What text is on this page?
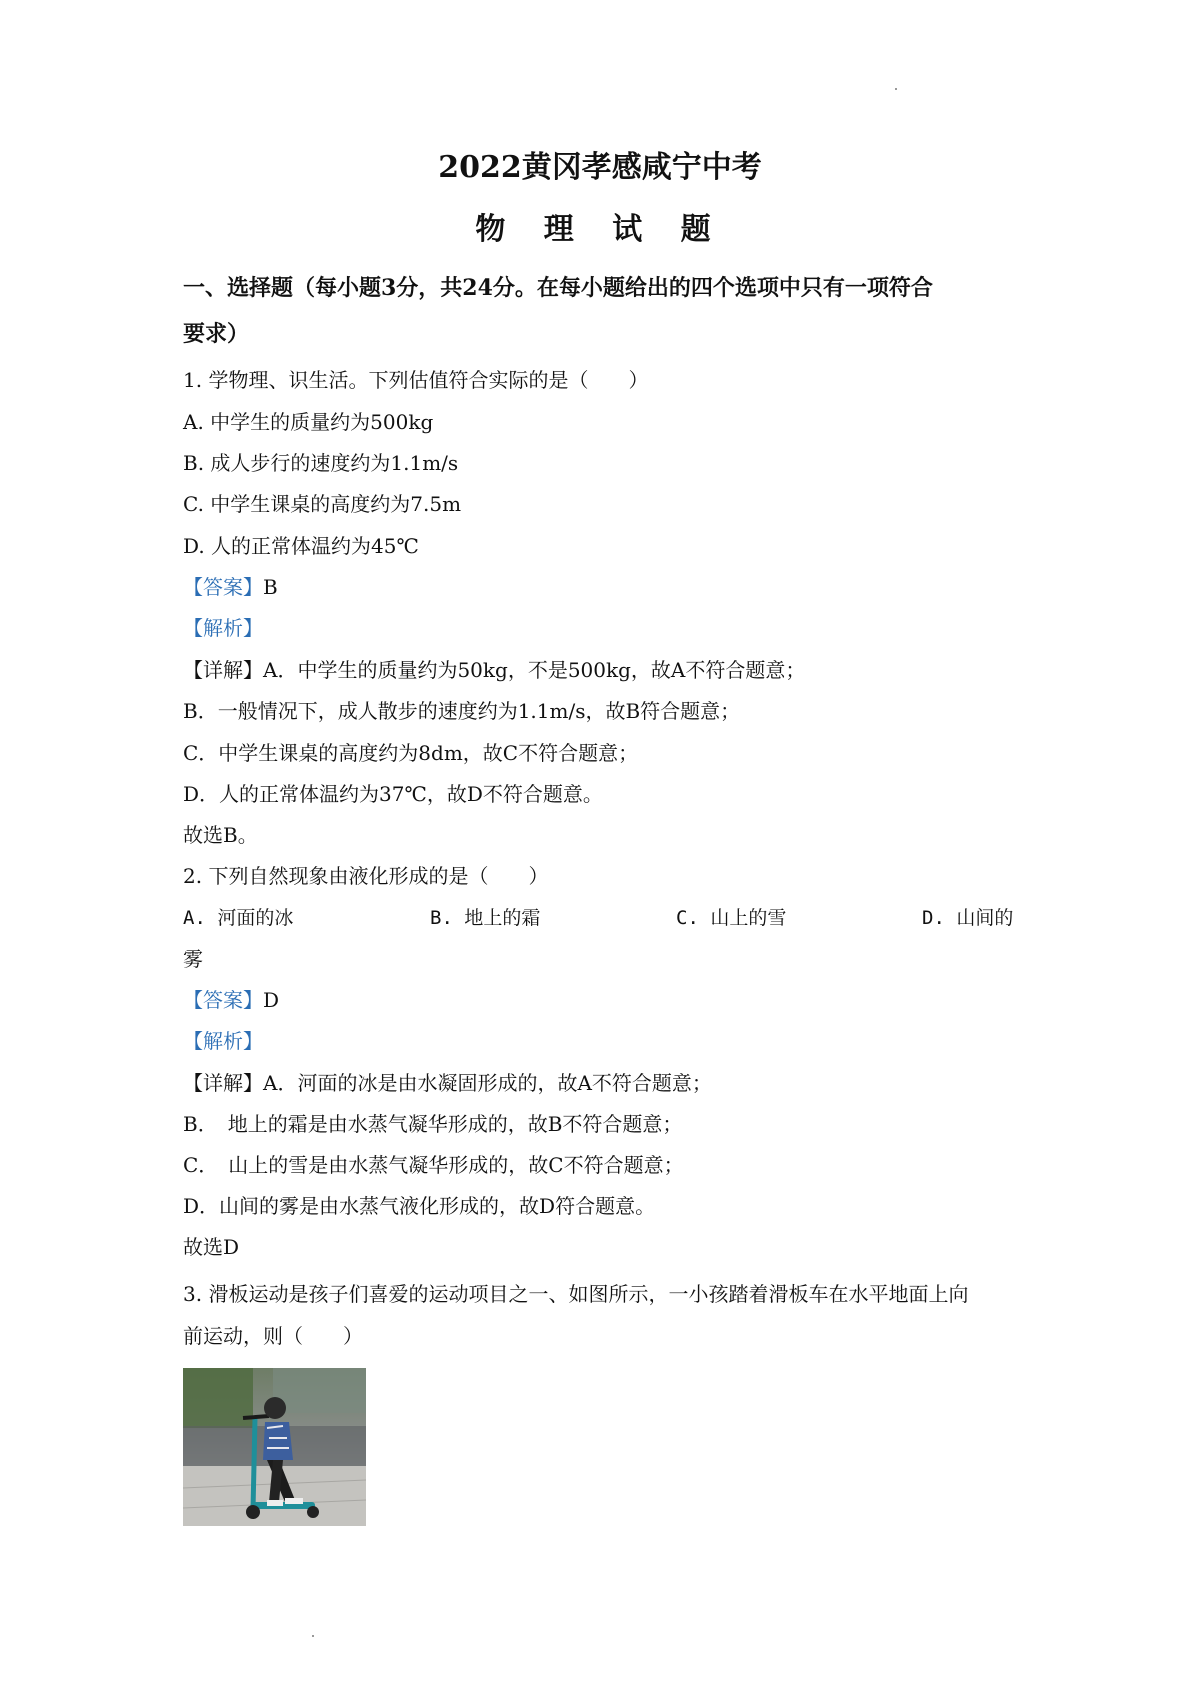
2022黄冈孝感咸宁中考
物 理 试 题
一、选择题（每小题3分，共24分。在每小题给出的四个选项中只有一项符合
要求）
1. 学物理、识生活。下列估值符合实际的是（　　）
A. 中学生的质量约为500kg
B. 成人步行的速度约为1.1m/s
C. 中学生课桌的高度约为7.5m
D. 人的正常体温约为45℃
【答案】B
【解析】
【详解】A．中学生的质量约为50kg，不是500kg，故A不符合题意；
B．一般情况下，成人散步的速度约为1.1m/s，故B符合题意；
C．中学生课桌的高度约为8dm，故C不符合题意；
D．人的正常体温约为37℃，故D不符合题意。
故选B。
2. 下列自然现象由液化形成的是（　　）
A. 河面的冰	B. 地上的霜	C. 山上的雪	D. 山间的
雾
【答案】D
【解析】
【详解】A．河面的冰是由水凝固形成的，故A不符合题意；
B．　地上的霜是由水蒸气凝华形成的，故B不符合题意；
C．　山上的雪是由水蒸气凝华形成的，故C不符合题意；
D．山间的雾是由水蒸气液化形成的，故D符合题意。
故选D
3. 滑板运动是孩子们喜爱的运动项目之一、如图所示，一小孩踏着滑板车在水平地面上向
前运动，则（　　）
